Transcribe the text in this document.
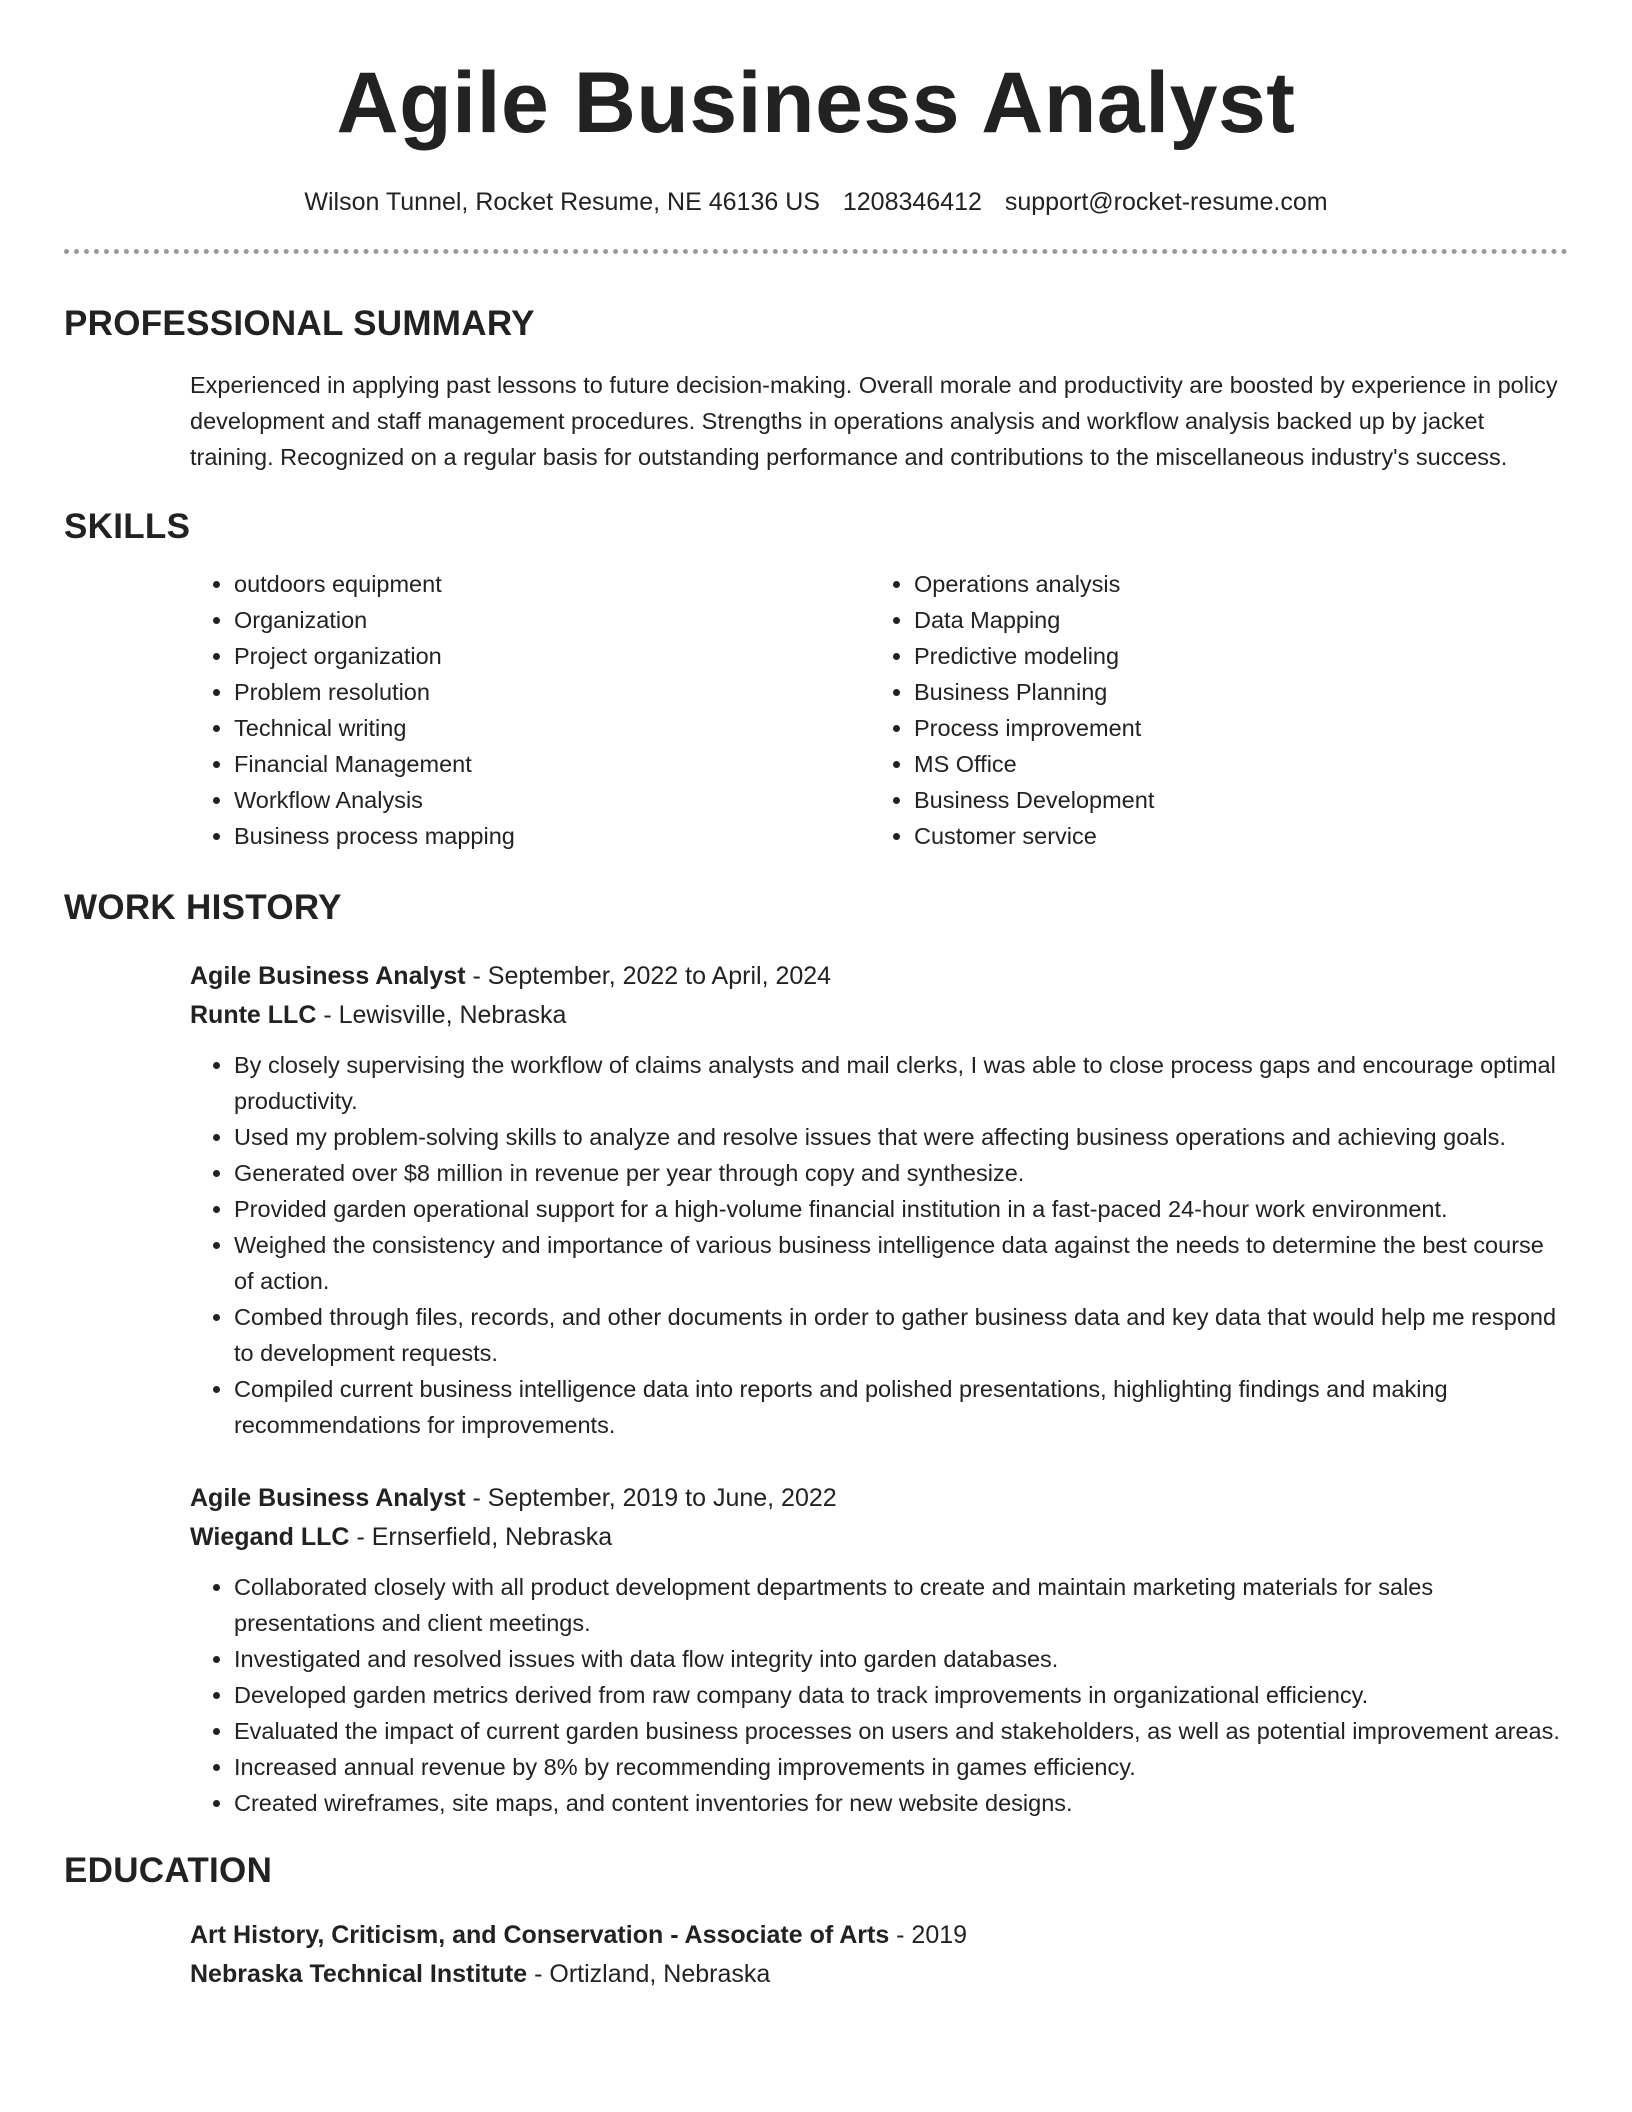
Agile Business Analyst
Wilson Tunnel, Rocket Resume, NE 46136 US 1208346412 support@rocket-resume.com
PROFESSIONAL SUMMARY

Experienced in applying past lessons to future decision-making. Overall morale and productivity are boosted by experience in policy development and staff management procedures. Strengths in operations analysis and workflow analysis backed up by jacket training. Recognized on a regular basis for outstanding performance and contributions to the miscellaneous industry's success.

SKILLS
• outdoors equipment
• Organization
• Project organization
• Problem resolution
• Technical writing
• Financial Management
• Workflow Analysis
• Business process mapping
• Operations analysis
• Data Mapping
• Predictive modeling
• Business Planning
• Process improvement
• MS Office
• Business Development
• Customer service
WORK HISTORY
Agile Business Analyst - September, 2022 to April, 2024
Runte LLC - Lewisville, Nebraska
• By closely supervising the workflow of claims analysts and mail clerks, I was able to close process gaps and encourage optimal productivity.
• Used my problem-solving skills to analyze and resolve issues that were affecting business operations and achieving goals.
• Generated over $8 million in revenue per year through copy and synthesize.
• Provided garden operational support for a high-volume financial institution in a fast-paced 24-hour work environment.
• Weighed the consistency and importance of various business intelligence data against the needs to determine the best course of action.
• Combed through files, records, and other documents in order to gather business data and key data that would help me respond to development requests.
• Compiled current business intelligence data into reports and polished presentations, highlighting findings and making recommendations for improvements.
Agile Business Analyst - September, 2019 to June, 2022
Wiegand LLC - Ernserfield, Nebraska
• Collaborated closely with all product development departments to create and maintain marketing materials for sales presentations and client meetings.
• Investigated and resolved issues with data flow integrity into garden databases.
• Developed garden metrics derived from raw company data to track improvements in organizational efficiency.
• Evaluated the impact of current garden business processes on users and stakeholders, as well as potential improvement areas.
• Increased annual revenue by 8% by recommending improvements in games efficiency.
• Created wireframes, site maps, and content inventories for new website designs.
EDUCATION
Art History, Criticism, and Conservation - Associate of Arts - 2019
Nebraska Technical Institute - Ortizland, Nebraska
